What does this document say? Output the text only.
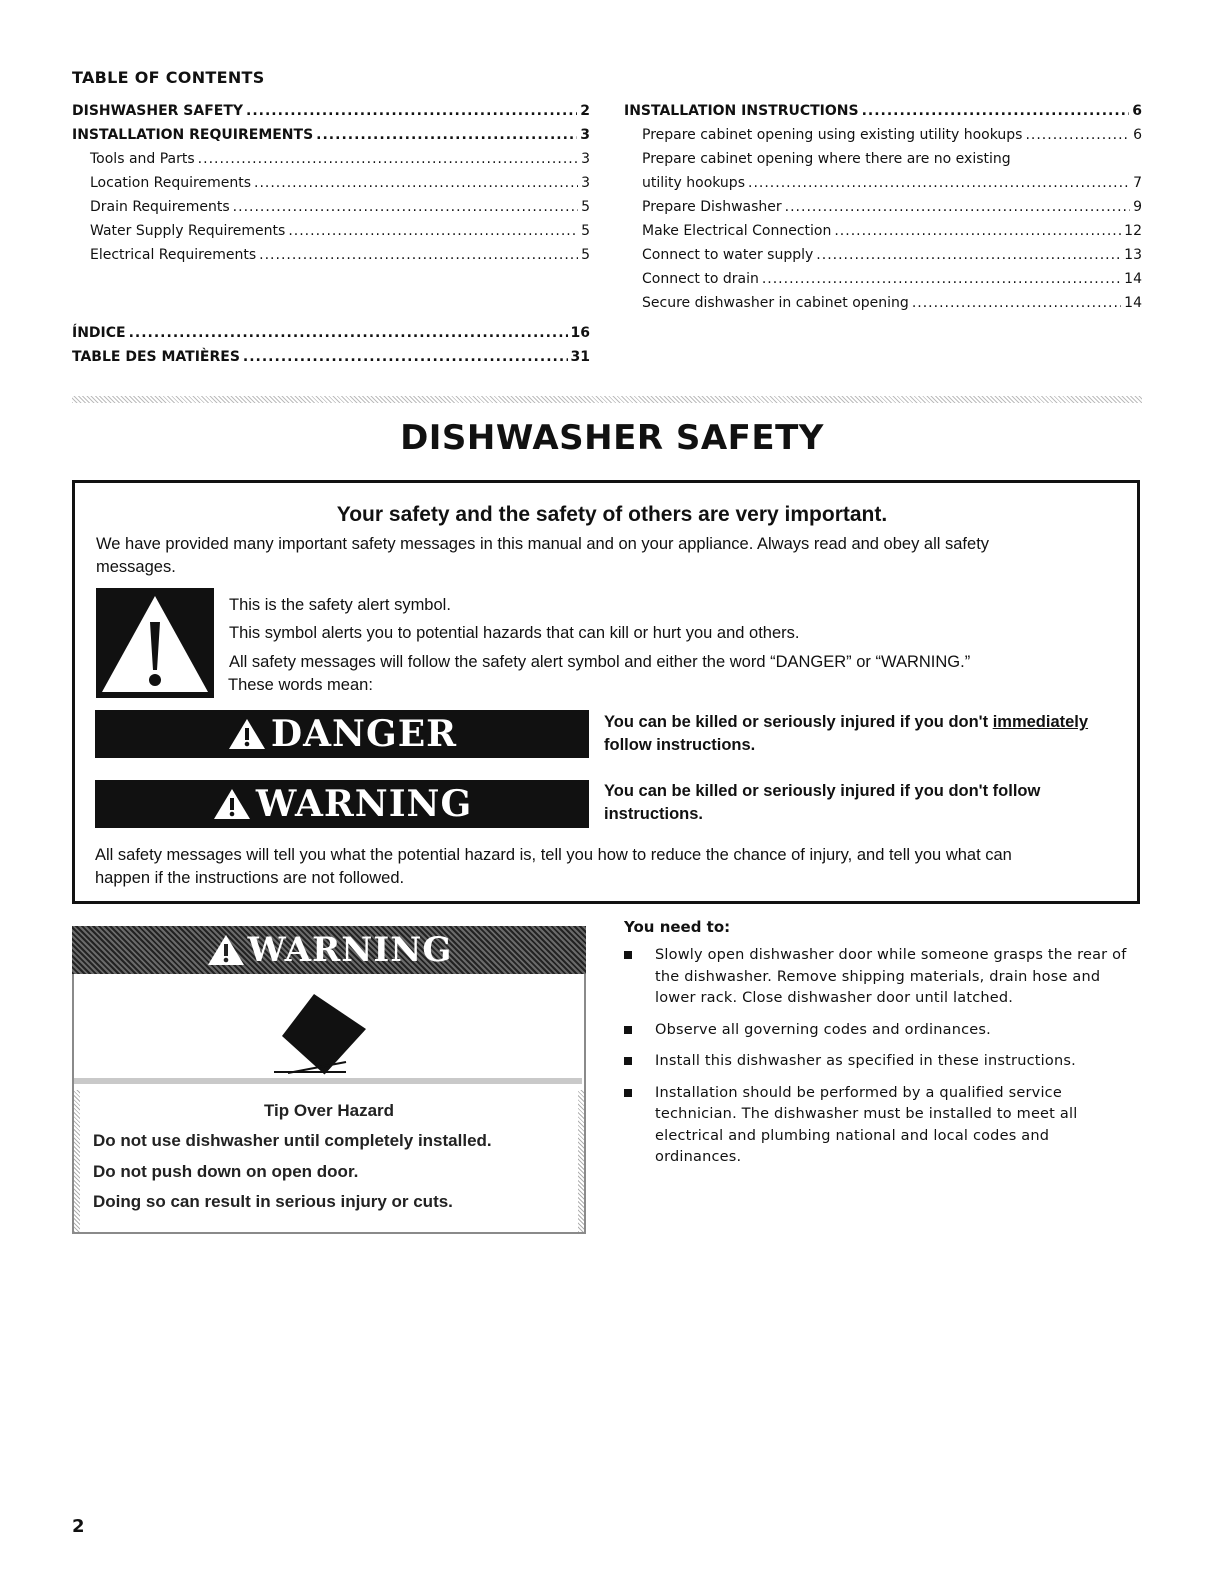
TABLE OF CONTENTS
DISHWASHER SAFETY .....	2
INSTALLATION REQUIREMENTS .....	3
Tools and Parts .....	3
Location Requirements .....	3
Drain Requirements .....	5
Water Supply Requirements .....	5
Electrical Requirements .....	5
ÍNDICE .....	16
TABLE DES MATIÈRES .....	31
INSTALLATION INSTRUCTIONS .....	6
Prepare cabinet opening using existing utility hookups .....	6
Prepare cabinet opening where there are no existing
utility hookups .....	7
Prepare Dishwasher .....	9
Make Electrical Connection .....	12
Connect to water supply .....	13
Connect to drain .....	14
Secure dishwasher in cabinet opening .....	14
DISHWASHER SAFETY
Your safety and the safety of others are very important.
We have provided many important safety messages in this manual and on your appliance. Always read and obey all safety
messages.
This is the safety alert symbol.
This symbol alerts you to potential hazards that can kill or hurt you and others.
All safety messages will follow the safety alert symbol and either the word “DANGER” or “WARNING.”
These words mean:
DANGER	You can be killed or seriously injured if you don't immediately
follow instructions.
WARNING	You can be killed or seriously injured if you don't follow
instructions.
All safety messages will tell you what the potential hazard is, tell you how to reduce the chance of injury, and tell you what can
happen if the instructions are not followed.
WARNING
Tip Over Hazard
Do not use dishwasher until completely installed.
Do not push down on open door.
Doing so can result in serious injury or cuts.
You need to:
Slowly open dishwasher door while someone grasps the rear of
the dishwasher. Remove shipping materials, drain hose and
lower rack. Close dishwasher door until latched.
Observe all governing codes and ordinances.
Install this dishwasher as specified in these instructions.
Installation should be performed by a qualified service
technician. The dishwasher must be installed to meet all
electrical and plumbing national and local codes and
ordinances.
2
